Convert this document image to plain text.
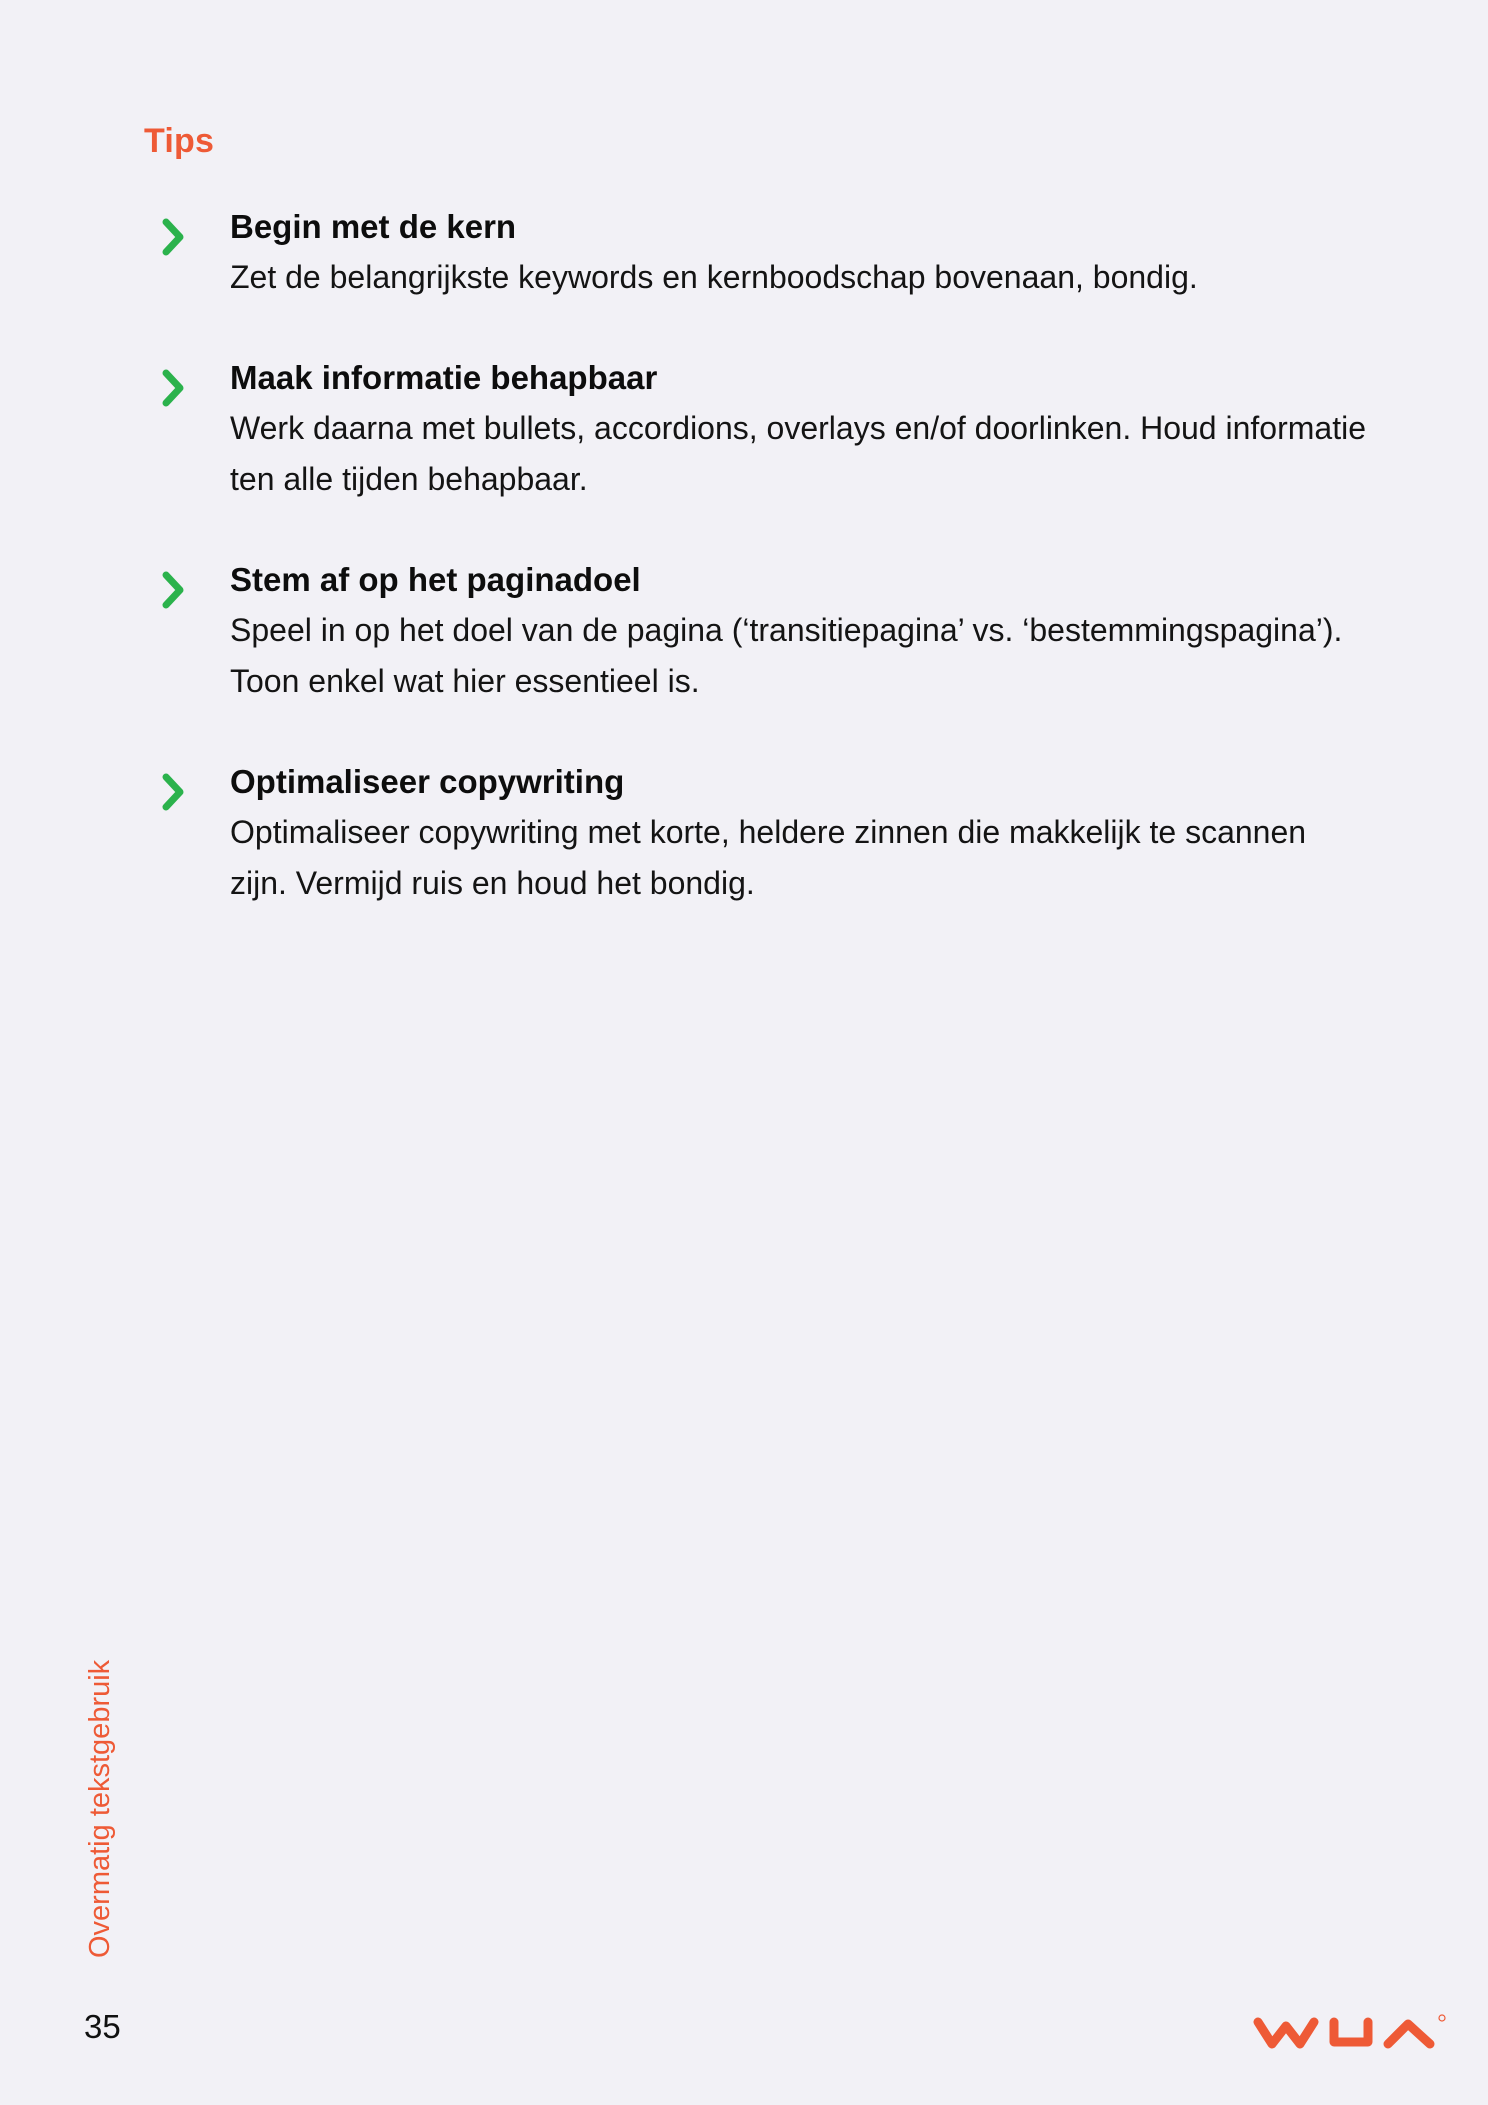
Tips
Begin met de kern
Zet de belangrijkste keywords en kernboodschap bovenaan, bondig.
Maak informatie behapbaar
Werk daarna met bullets, accordions, overlays en/of doorlinken. Houd informatie ten alle tijden behapbaar.
Stem af op het paginadoel
Speel in op het doel van de pagina (‘transitiepagina’ vs. ‘bestemmingspagina’). Toon enkel wat hier essentieel is.
Optimaliseer copywriting
Optimaliseer copywriting met korte, heldere zinnen die makkelijk te scannen zijn. Vermijd ruis en houd het bondig.
Overmatig tekstgebruik
35
